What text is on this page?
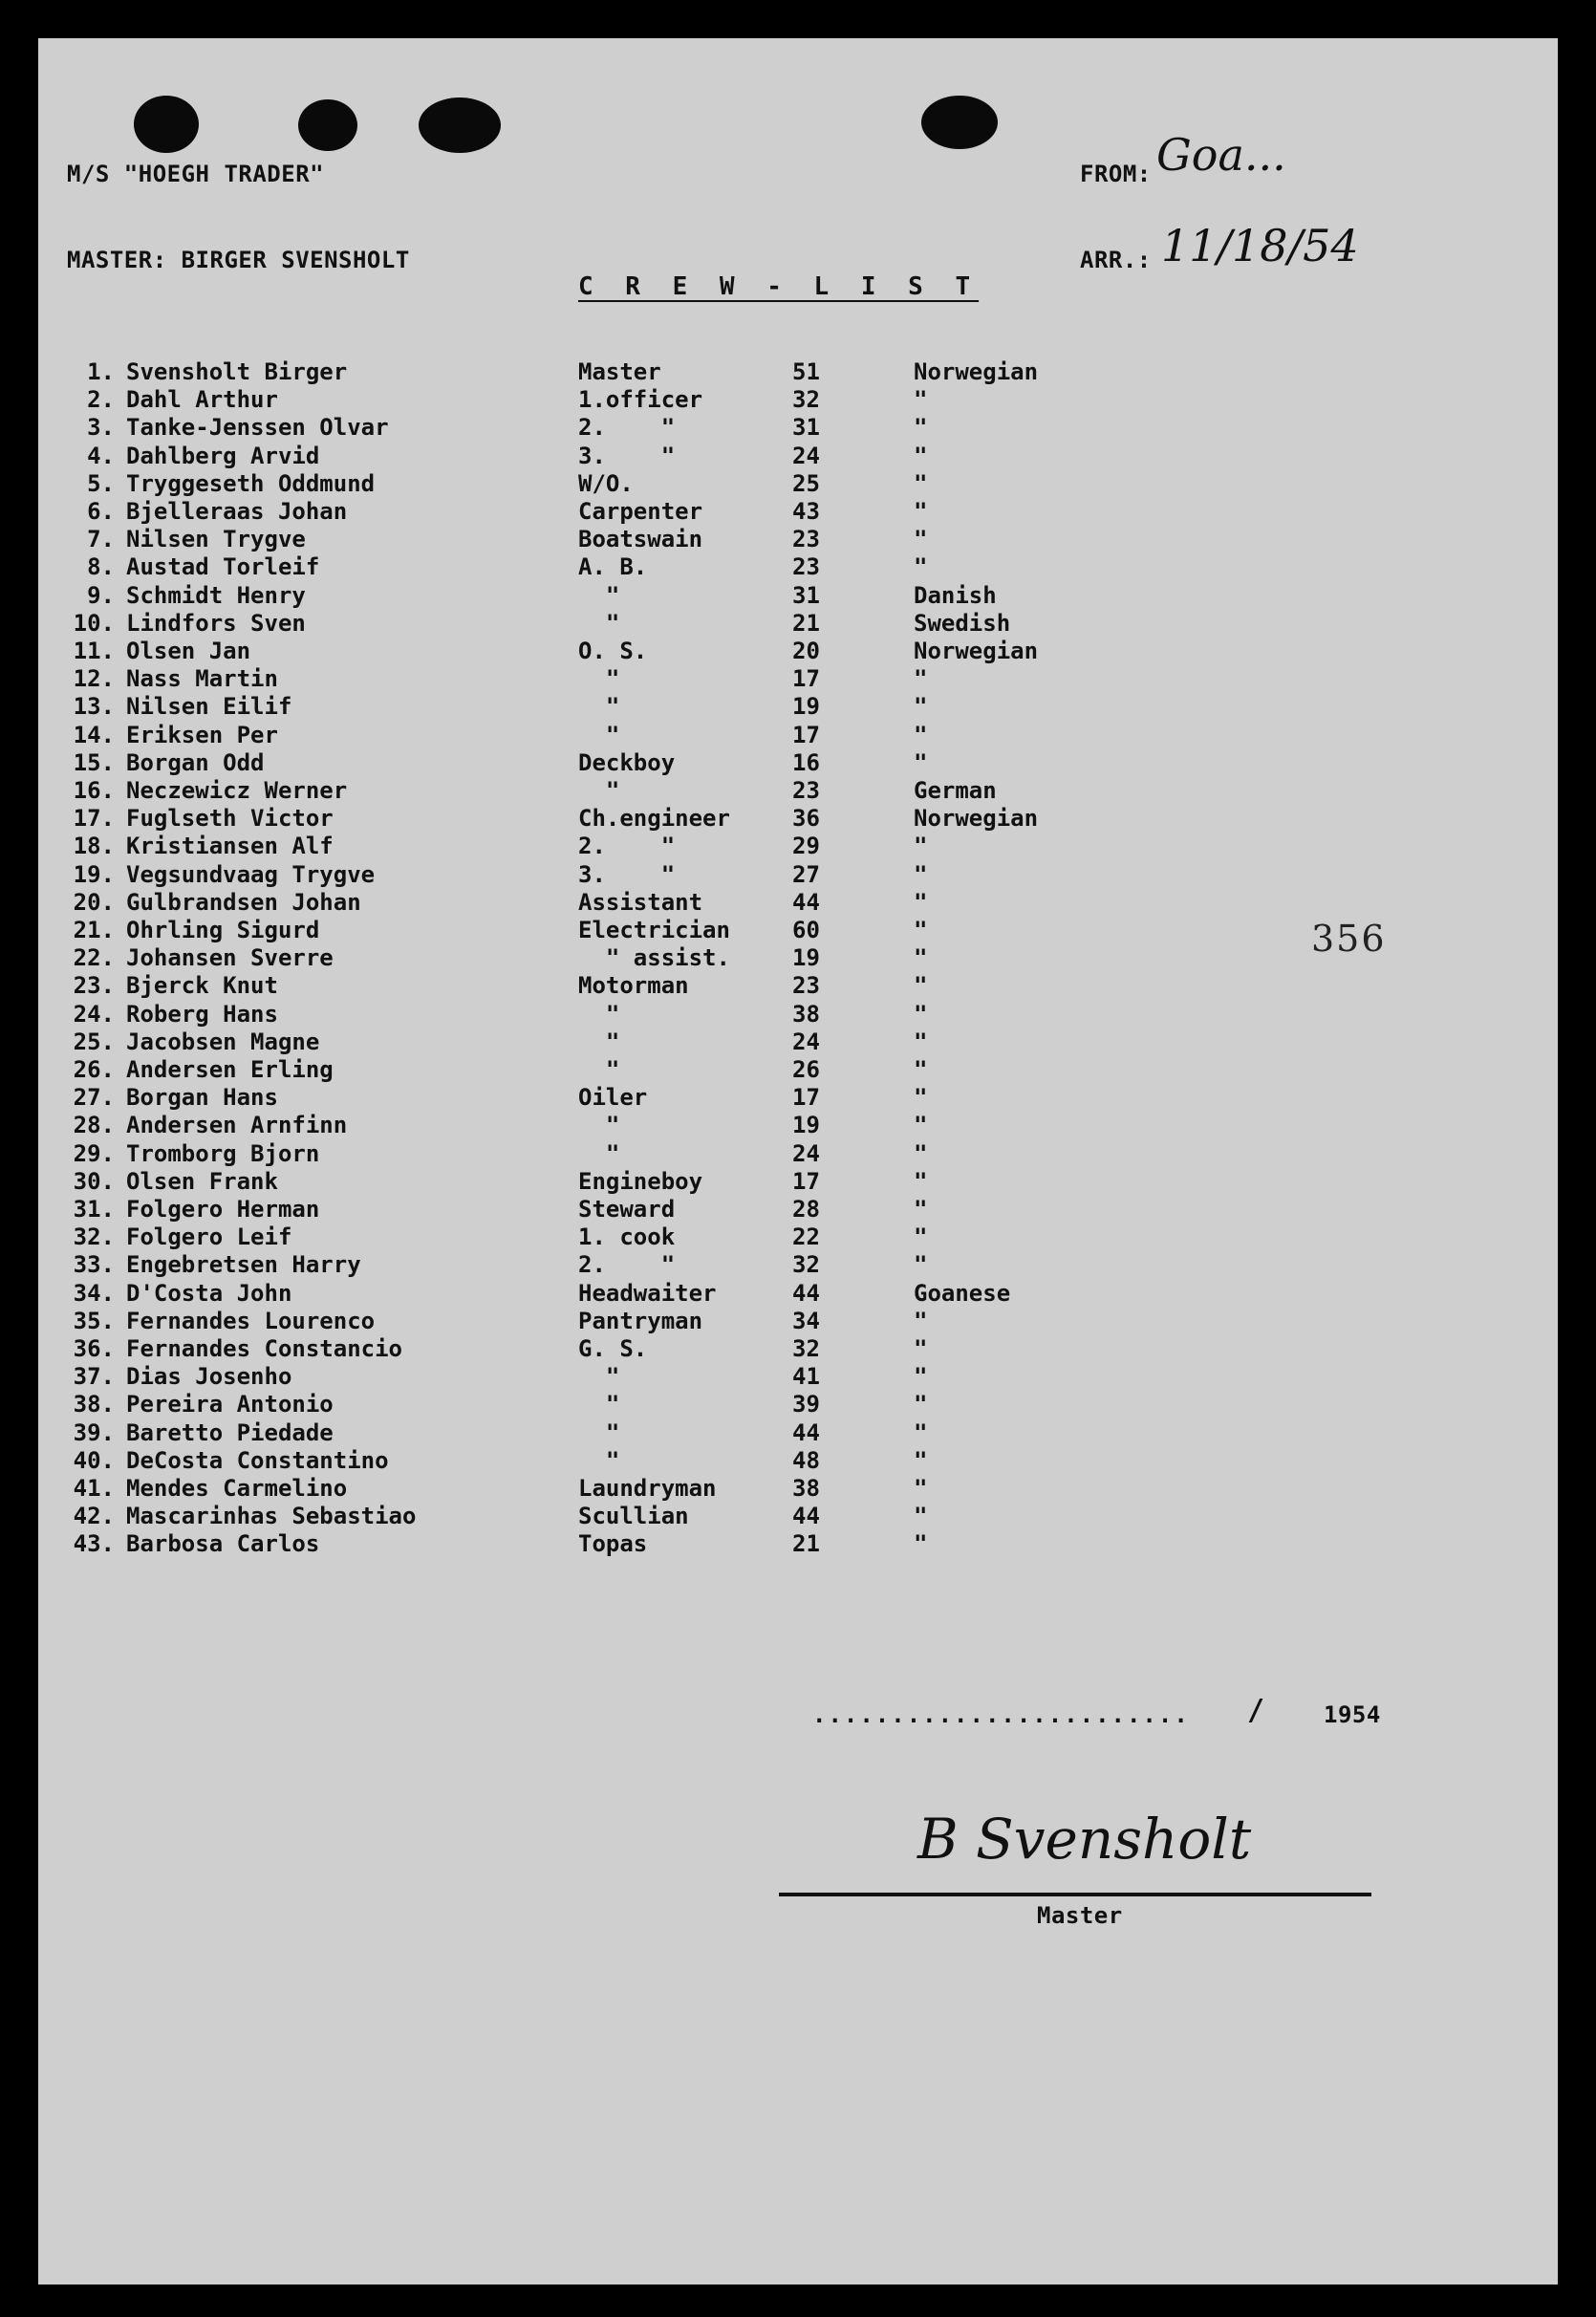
M/S "HOEGH TRADER"
MASTER: BIRGER SVENSHOLT
C R E W - L I S T
FROM: Goa...
ARR.: 11/18/54
356
1. Svensholt Birger	Master	51	Norwegian
2. Dahl Arthur	1.officer	32	"
3. Tanke-Jenssen Olvar	2.    "	31	"
4. Dahlberg Arvid	3.    "	24	"
5. Tryggeseth Oddmund	W/O.	25	"
6. Bjelleraas Johan	Carpenter	43	"
7. Nilsen Trygve	Boatswain	23	"
8. Austad Torleif	A. B.	23	"
9. Schmidt Henry	"	31	Danish
10. Lindfors Sven	"	21	Swedish
11. Olsen Jan	O. S.	20	Norwegian
12. Nass Martin	"	17	"
13. Nilsen Eilif	"	19	"
14. Eriksen Per	"	17	"
15. Borgan Odd	Deckboy	16	"
16. Neczewicz Werner	"	23	German
17. Fuglseth Victor	Ch.engineer	36	Norwegian
18. Kristiansen Alf	2.    "	29	"
19. Vegsundvaag Trygve	3.    "	27	"
20. Gulbrandsen Johan	Assistant	44	"
21. Ohrling Sigurd	Electrician	60	"
22. Johansen Sverre	" assist.	19	"
23. Bjerck Knut	Motorman	23	"
24. Roberg Hans	"	38	"
25. Jacobsen Magne	"	24	"
26. Andersen Erling	"	26	"
27. Borgan Hans	Oiler	17	"
28. Andersen Arnfinn	"	19	"
29. Tromborg Bjorn	"	24	"
30. Olsen Frank	Engineboy	17	"
31. Folgero Herman	Steward	28	"
32. Folgero Leif	1. cook	22	"
33. Engebretsen Harry	2.    "	32	"
34. D'Costa John	Headwaiter	44	Goanese
35. Fernandes Lourenco	Pantryman	34	"
36. Fernandes Constancio	G. S.	32	"
37. Dias Josenho	"	41	"
38. Pereira Antonio	"	39	"
39. Baretto Piedade	"	44	"
40. DeCosta Constantino	"	48	"
41. Mendes Carmelino	Laundryman	38	"
42. Mascarinhas Sebastiao	Scullian	44	"
43. Barbosa Carlos	Topas	21	"
........................ /	1954
B Svensholt
Master
